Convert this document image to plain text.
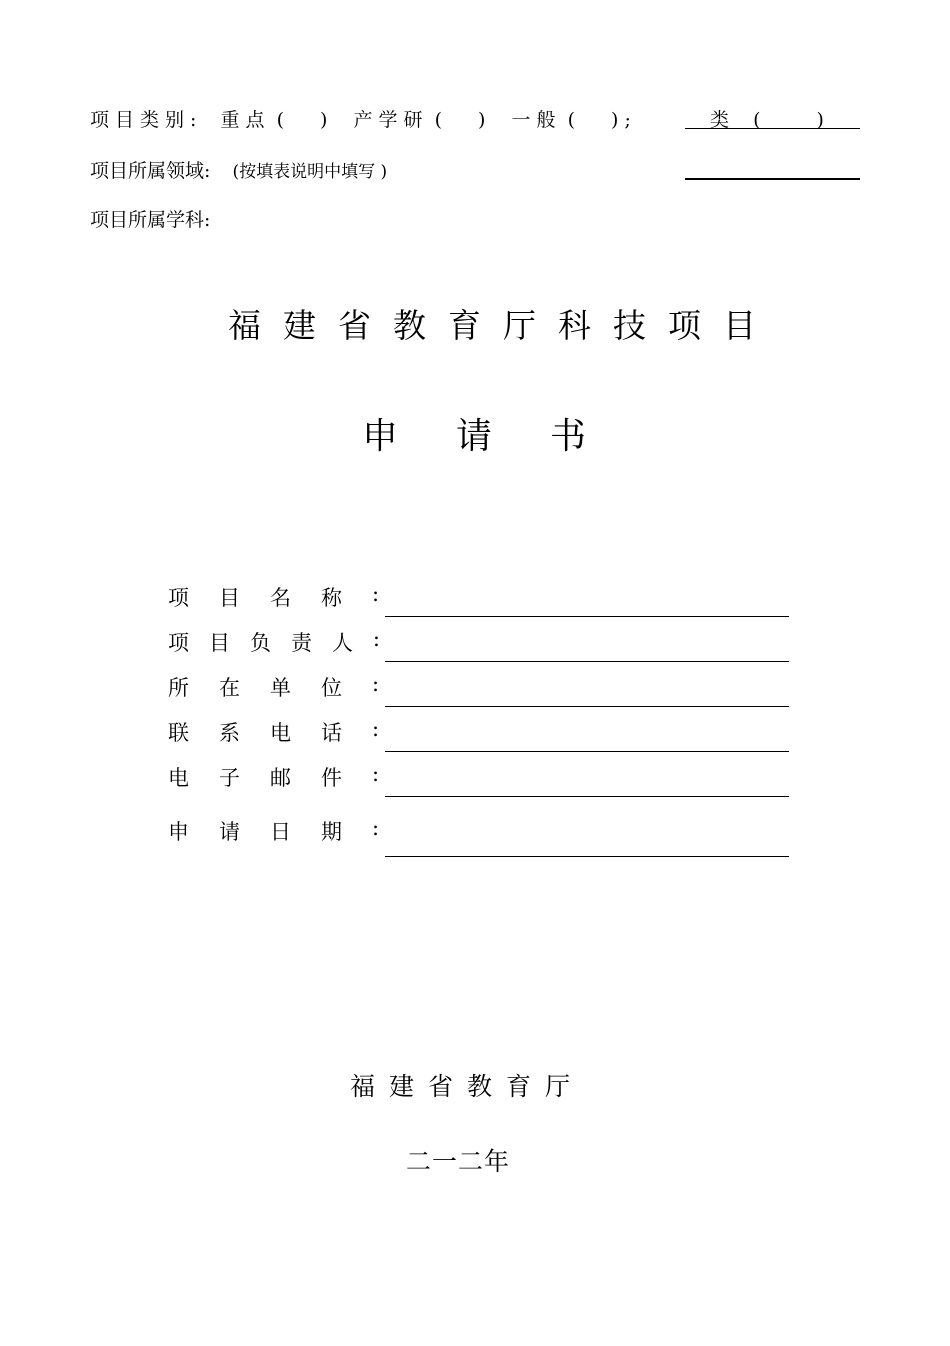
项目类别: 重点 ( ) 产学研 ( ) 一般 ( ) ;	类 (	)
项目所属领域: (按填表说明中填写 )
项目所属学科:
福建省教育厅科技项目
申 请 书
项	目	名	称	:
项 目 负 责 人 :
所	在	单	位	:
联	系	电	话	:
电	子	邮	件	:
申	请	日	期	:
福建省教育厅
二一二年
